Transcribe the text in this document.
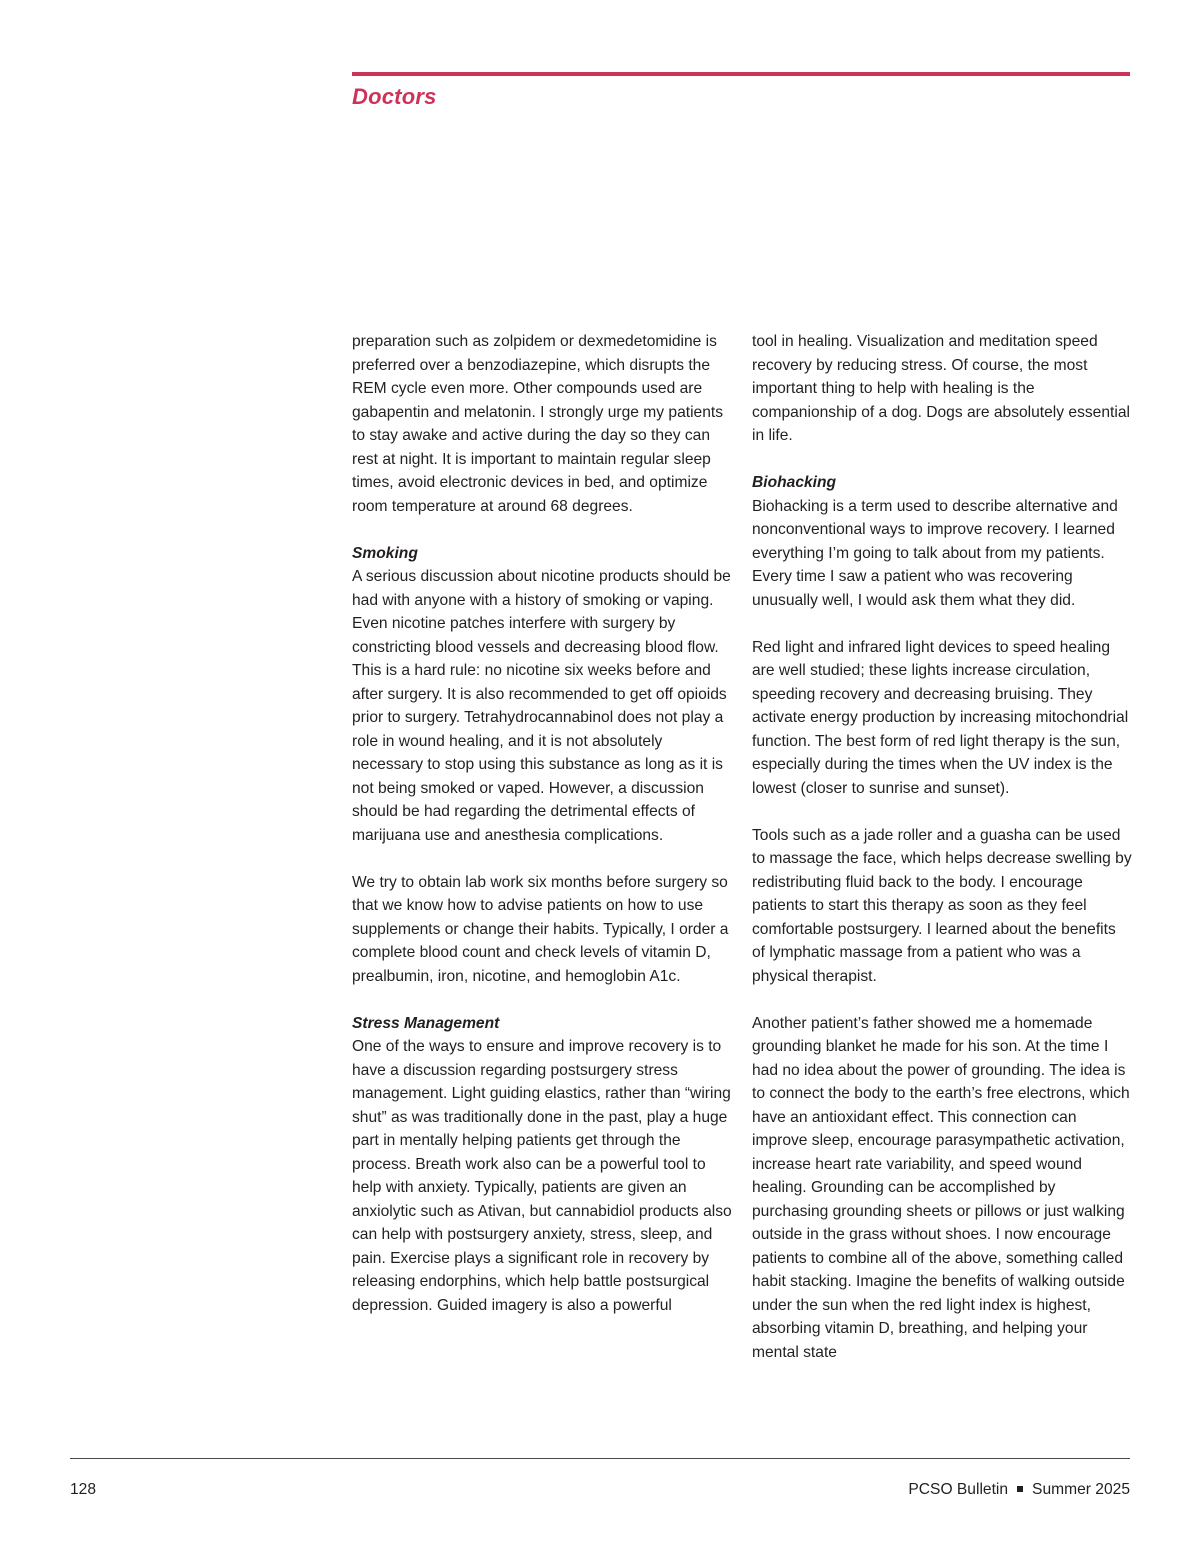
Doctors

preparation such as zolpidem or dexmedetomidine is preferred over a benzodiazepine, which disrupts the REM cycle even more. Other compounds used are gabapentin and melatonin. I strongly urge my patients to stay awake and active during the day so they can rest at night. It is important to maintain regular sleep times, avoid electronic devices in bed, and optimize room temperature at around 68 degrees.

Smoking

A serious discussion about nicotine products should be had with anyone with a history of smoking or vaping. Even nicotine patches interfere with surgery by constricting blood vessels and decreasing blood flow. This is a hard rule: no nicotine six weeks before and after surgery. It is also recommended to get off opioids prior to surgery. Tetrahydrocannabinol does not play a role in wound healing, and it is not absolutely necessary to stop using this substance as long as it is not being smoked or vaped. However, a discussion should be had regarding the detrimental effects of marijuana use and anesthesia complications.

We try to obtain lab work six months before surgery so that we know how to advise patients on how to use supplements or change their habits. Typically, I order a complete blood count and check levels of vitamin D, prealbumin, iron, nicotine, and hemoglobin A1c.

Stress Management

One of the ways to ensure and improve recovery is to have a discussion regarding postsurgery stress management. Light guiding elastics, rather than “wiring shut” as was traditionally done in the past, play a huge part in mentally helping patients get through the process. Breath work also can be a powerful tool to help with anxiety. Typically, patients are given an anxiolytic such as Ativan, but cannabidiol products also can help with postsurgery anxiety, stress, sleep, and pain. Exercise plays a significant role in recovery by releasing endorphins, which help battle postsurgical depression. Guided imagery is also a powerful

tool in healing. Visualization and meditation speed recovery by reducing stress. Of course, the most important thing to help with healing is the companionship of a dog. Dogs are absolutely essential in life.

Biohacking

Biohacking is a term used to describe alternative and nonconventional ways to improve recovery. I learned everything I’m going to talk about from my patients. Every time I saw a patient who was recovering unusually well, I would ask them what they did.

Red light and infrared light devices to speed healing are well studied; these lights increase circulation, speeding recovery and decreasing bruising. They activate energy production by increasing mitochondrial function. The best form of red light therapy is the sun, especially during the times when the UV index is the lowest (closer to sunrise and sunset).

Tools such as a jade roller and a guasha can be used to massage the face, which helps decrease swelling by redistributing fluid back to the body. I encourage patients to start this therapy as soon as they feel comfortable postsurgery. I learned about the benefits of lymphatic massage from a patient who was a physical therapist.

Another patient’s father showed me a homemade grounding blanket he made for his son. At the time I had no idea about the power of grounding. The idea is to connect the body to the earth’s free electrons, which have an antioxidant effect. This connection can improve sleep, encourage parasympathetic activation, increase heart rate variability, and speed wound healing. Grounding can be accomplished by purchasing grounding sheets or pillows or just walking outside in the grass without shoes. I now encourage patients to combine all of the above, something called habit stacking. Imagine the benefits of walking outside under the sun when the red light index is highest, absorbing vitamin D, breathing, and helping your mental state

128	PCSO Bulletin Summer 2025
